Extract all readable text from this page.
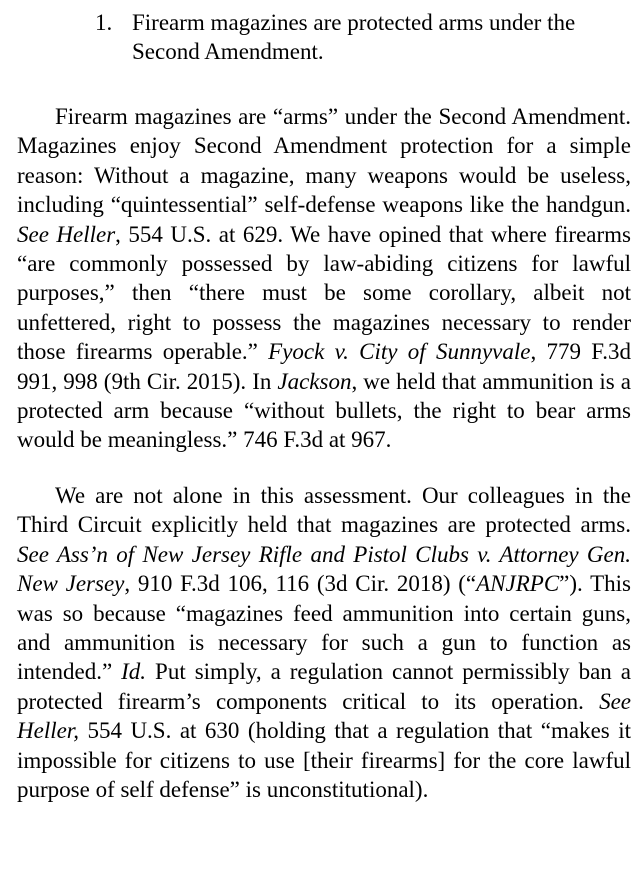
1. Firearm magazines are protected arms under the
Second Amendment.

Firearm magazines are “arms” under the Second Amendment. Magazines enjoy Second Amendment protection for a simple reason: Without a magazine, many weapons would be useless, including “quintessential” self-defense weapons like the handgun. See Heller, 554 U.S. at 629. We have opined that where firearms “are commonly possessed by law-abiding citizens for lawful purposes,” then “there must be some corollary, albeit not unfettered, right to possess the magazines necessary to render those firearms operable.” Fyock v. City of Sunnyvale, 779 F.3d 991, 998 (9th Cir. 2015). In Jackson, we held that ammunition is a protected arm because “without bullets, the right to bear arms would be meaningless.” 746 F.3d at 967.

We are not alone in this assessment. Our colleagues in the Third Circuit explicitly held that magazines are protected arms. See Ass’n of New Jersey Rifle and Pistol Clubs v. Attorney Gen. New Jersey, 910 F.3d 106, 116 (3d Cir. 2018) (“ANJRPC”). This was so because “magazines feed ammunition into certain guns, and ammunition is necessary for such a gun to function as intended.” Id. Put simply, a regulation cannot permissibly ban a protected firearm’s components critical to its operation. See Heller, 554 U.S. at 630 (holding that a regulation that “makes it impossible for citizens to use [their firearms] for the core lawful purpose of self defense” is unconstitutional).
